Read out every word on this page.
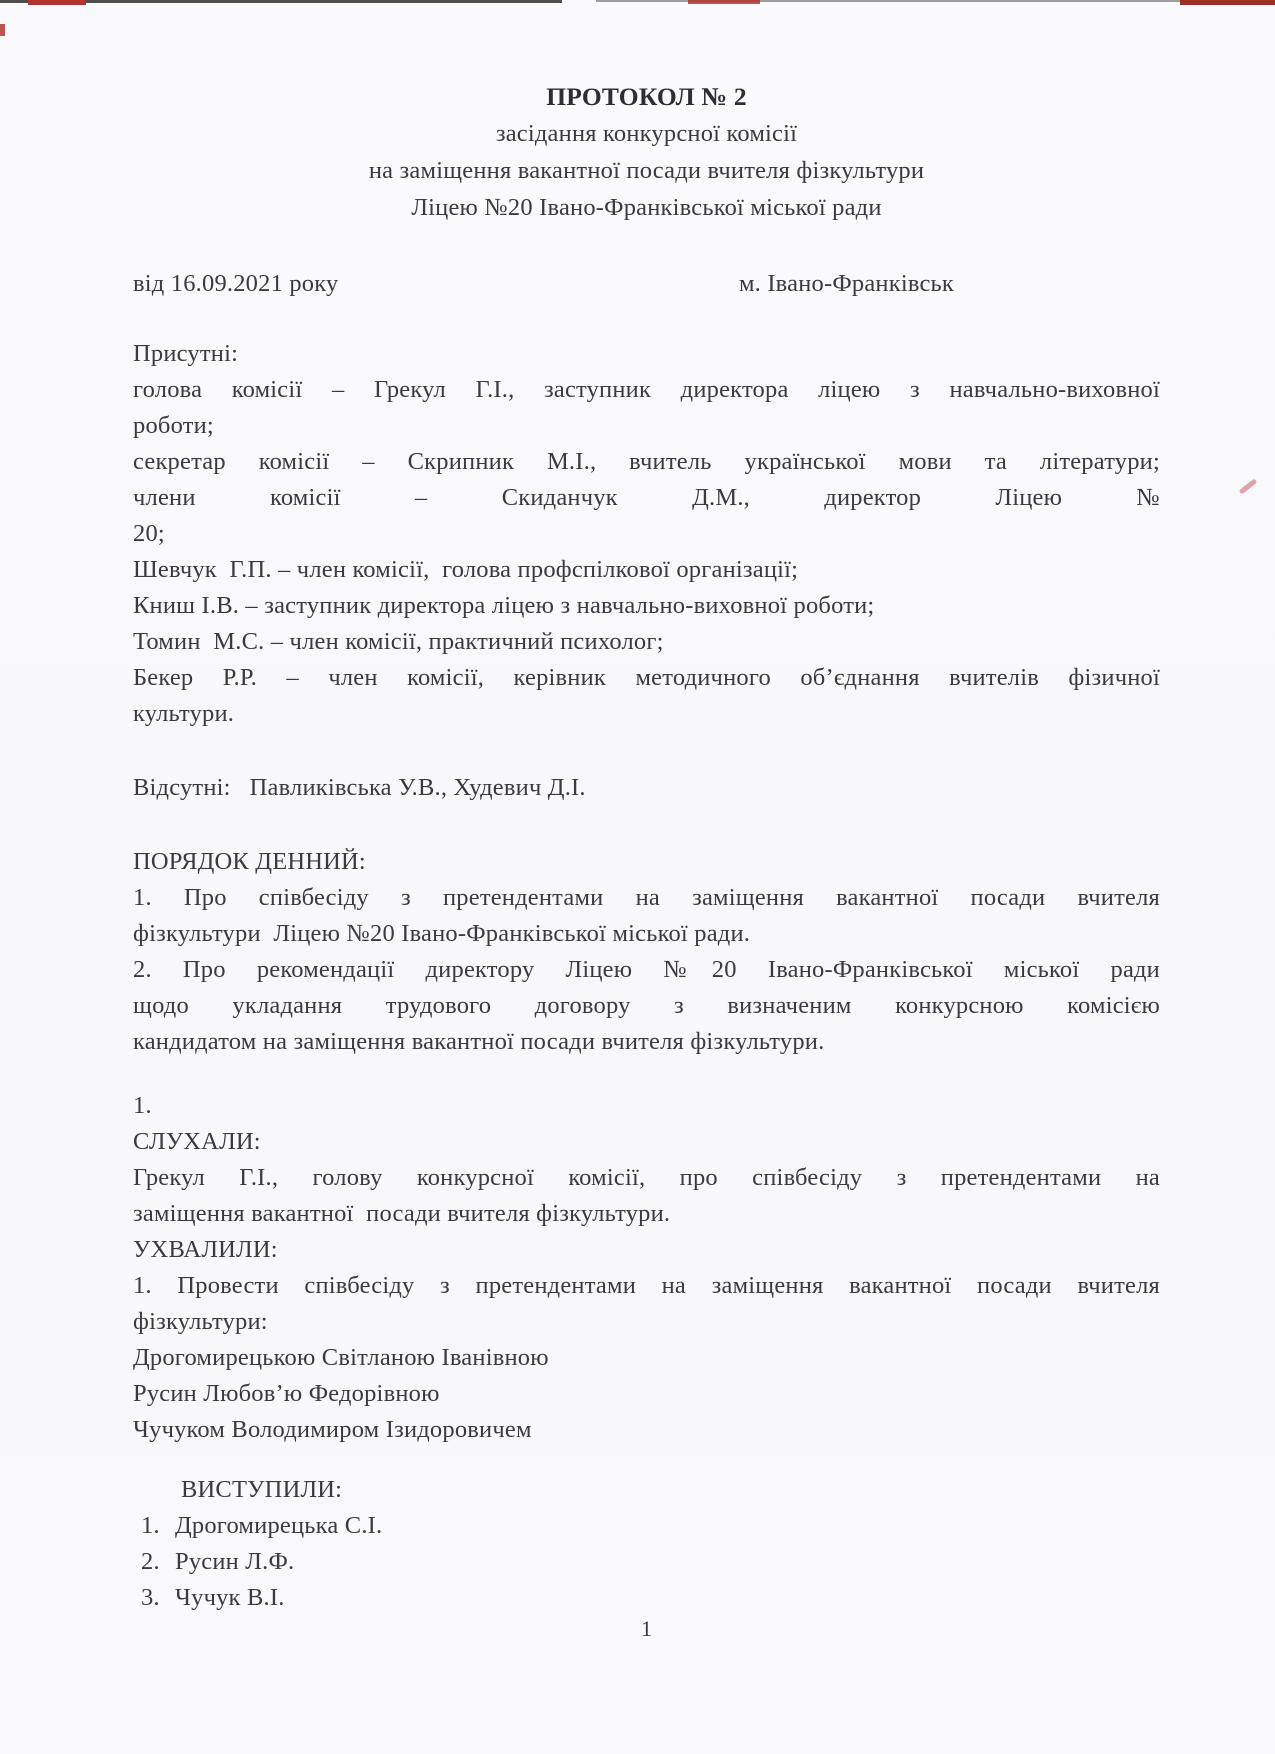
ПРОТОКОЛ № 2
засідання конкурсної комісії
на заміщення вакантної посади вчителя фізкультури
Ліцею №20 Івано-Франківської міської ради
від 16.09.2021 року	м. Івано-Франківськ
Присутні:
голова комісії – Грекул Г.І., заступник директора ліцею з навчально-виховної
роботи;
секретар комісії – Скрипник М.І., вчитель української мови та літератури;
члени комісії – Скиданчук Д.М., директор Ліцею №
20;
Шевчук  Г.П. – член комісії,  голова профспілкової організації;
Книш І.В. – заступник директора ліцею з навчально-виховної роботи;
Томин  М.С. – член комісії, практичний психолог;
Бекер Р.Р. – член комісії, керівник методичного об’єднання вчителів фізичної
культури.
Відсутні:   Павликівська У.В., Худевич Д.І.
ПОРЯДОК ДЕННИЙ:
1. Про співбесіду з претендентами на заміщення вакантної посади вчителя
фізкультури  Ліцею №20 Івано-Франківської міської ради.
2. Про рекомендації директору Ліцею №20 Івано-Франківської міської ради
щодо укладання трудового договору з визначеним конкурсною комісією
кандидатом на заміщення вакантної посади вчителя фізкультури.
1.
СЛУХАЛИ:
Грекул Г.І., голову конкурсної комісії, про співбесіду з претендентами на
заміщення вакантної  посади вчителя фізкультури.
УХВАЛИЛИ:
1. Провести співбесіду з претендентами на заміщення вакантної посади вчителя
фізкультури:
Дрогомирецькою Світланою Іванівною
Русин Любов’ю Федорівною
Чучуком Володимиром Ізидоровичем
ВИСТУПИЛИ:
1. Дрогомирецька С.І.
2. Русин Л.Ф.
3. Чучук В.І.
1
